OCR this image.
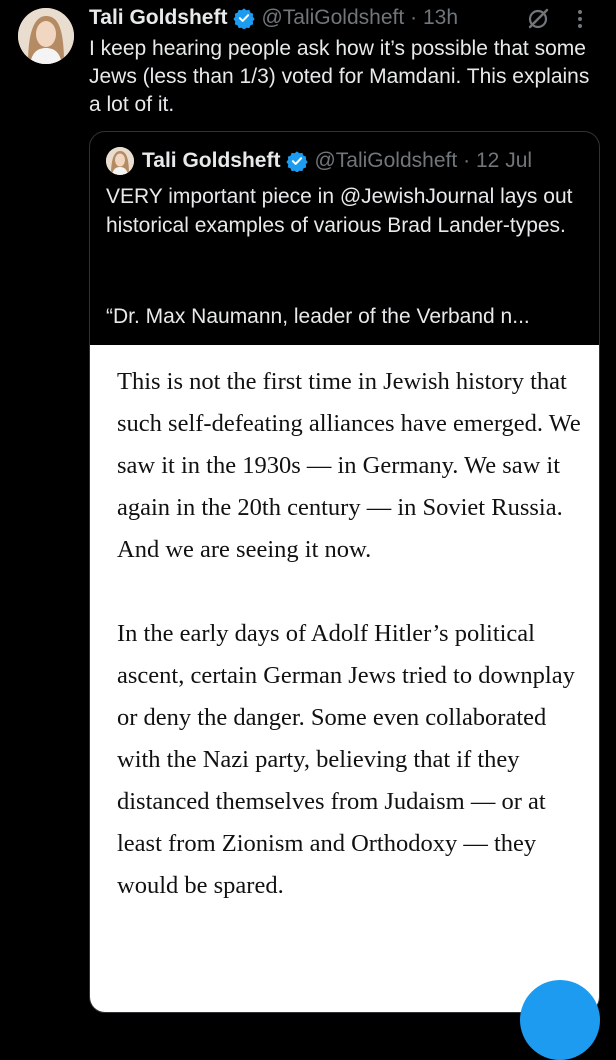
Tali Goldsheft @TaliGoldsheft · 13h
I keep hearing people ask how it’s possible that some Jews (less than 1/3) voted for Mamdani. This explains a lot of it.
Tali Goldsheft @TaliGoldsheft · 12 Jul
VERY important piece in @JewishJournal lays out historical examples of various Brad Lander-types.
“Dr. Max Naumann, leader of the Verband n...

This is not the first time in Jewish history that such self-defeating alliances have emerged. We saw it in the 1930s — in Germany. We saw it again in the 20th century — in Soviet Russia. And we are seeing it now.

In the early days of Adolf Hitler’s political ascent, certain German Jews tried to downplay or deny the danger. Some even collaborated with the Nazi party, believing that if they distanced themselves from Judaism — or at least from Zionism and Orthodoxy — they would be spared.
